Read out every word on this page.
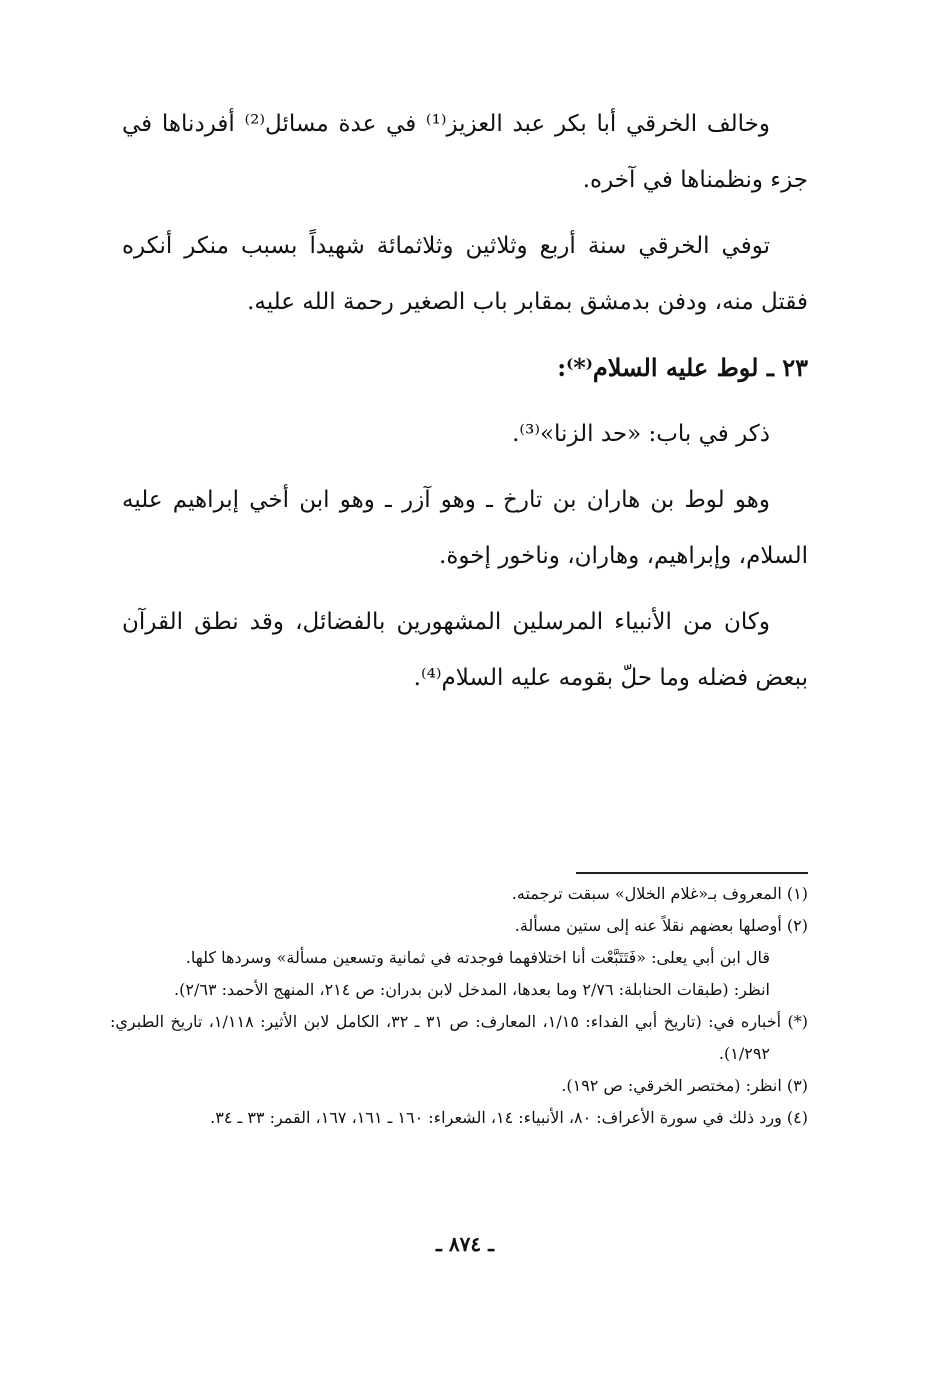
وخالف الخرقي أبا بكر عبد العزيز⁽¹⁾ في عدة مسائل⁽²⁾ أفردناها في جزء ونظمناها في آخره.

توفي الخرقي سنة أربع وثلاثين وثلاثمائة شهيداً بسبب منكر أنكره فقتل منه، ودفن بدمشق بمقابر باب الصغير رحمة الله عليه.

٢٣ ـ لوط عليه السلام⁽*⁾:

ذكر في باب: «حد الزنا»⁽³⁾.

وهو لوط بن هاران بن تارخ ـ وهو آزر ـ وهو ابن أخي إبراهيم عليه السلام، وإبراهيم، وهاران، وناخور إخوة.

وكان من الأنبياء المرسلين المشهورين بالفضائل، وقد نطق القرآن ببعض فضله وما حلّ بقومه عليه السلام⁽⁴⁾.

(١) المعروف بـ«غلام الخلال» سبقت ترجمته.

(٢) أوصلها بعضهم نقلاً عنه إلى ستين مسألة.

قال ابن أبي يعلى: «فَتَتَبَّعْت أنا اختلافهما فوجدته في ثمانية وتسعين مسألة» وسردها كلها.

انظر: (طبقات الحنابلة: ٢/٧٦ وما بعدها، المدخل لابن بدران: ص ٢١٤، المنهج الأحمد: ٢/٦٣).

(*) أخباره في: (تاريخ أبي الفداء: ١/١٥، المعارف: ص ٣١ ـ ٣٢، الكامل لابن الأثير: ١/١١٨، تاريخ الطبري: ١/٢٩٢).

(٣) انظر: (مختصر الخرقي: ص ١٩٢).

(٤) ورد ذلك في سورة الأعراف: ٨٠، الأنبياء: ١٤، الشعراء: ١٦٠ ـ ١٦١، ١٦٧، القمر: ٣٣ ـ ٣٤.

ـ ٨٧٤ ـ
